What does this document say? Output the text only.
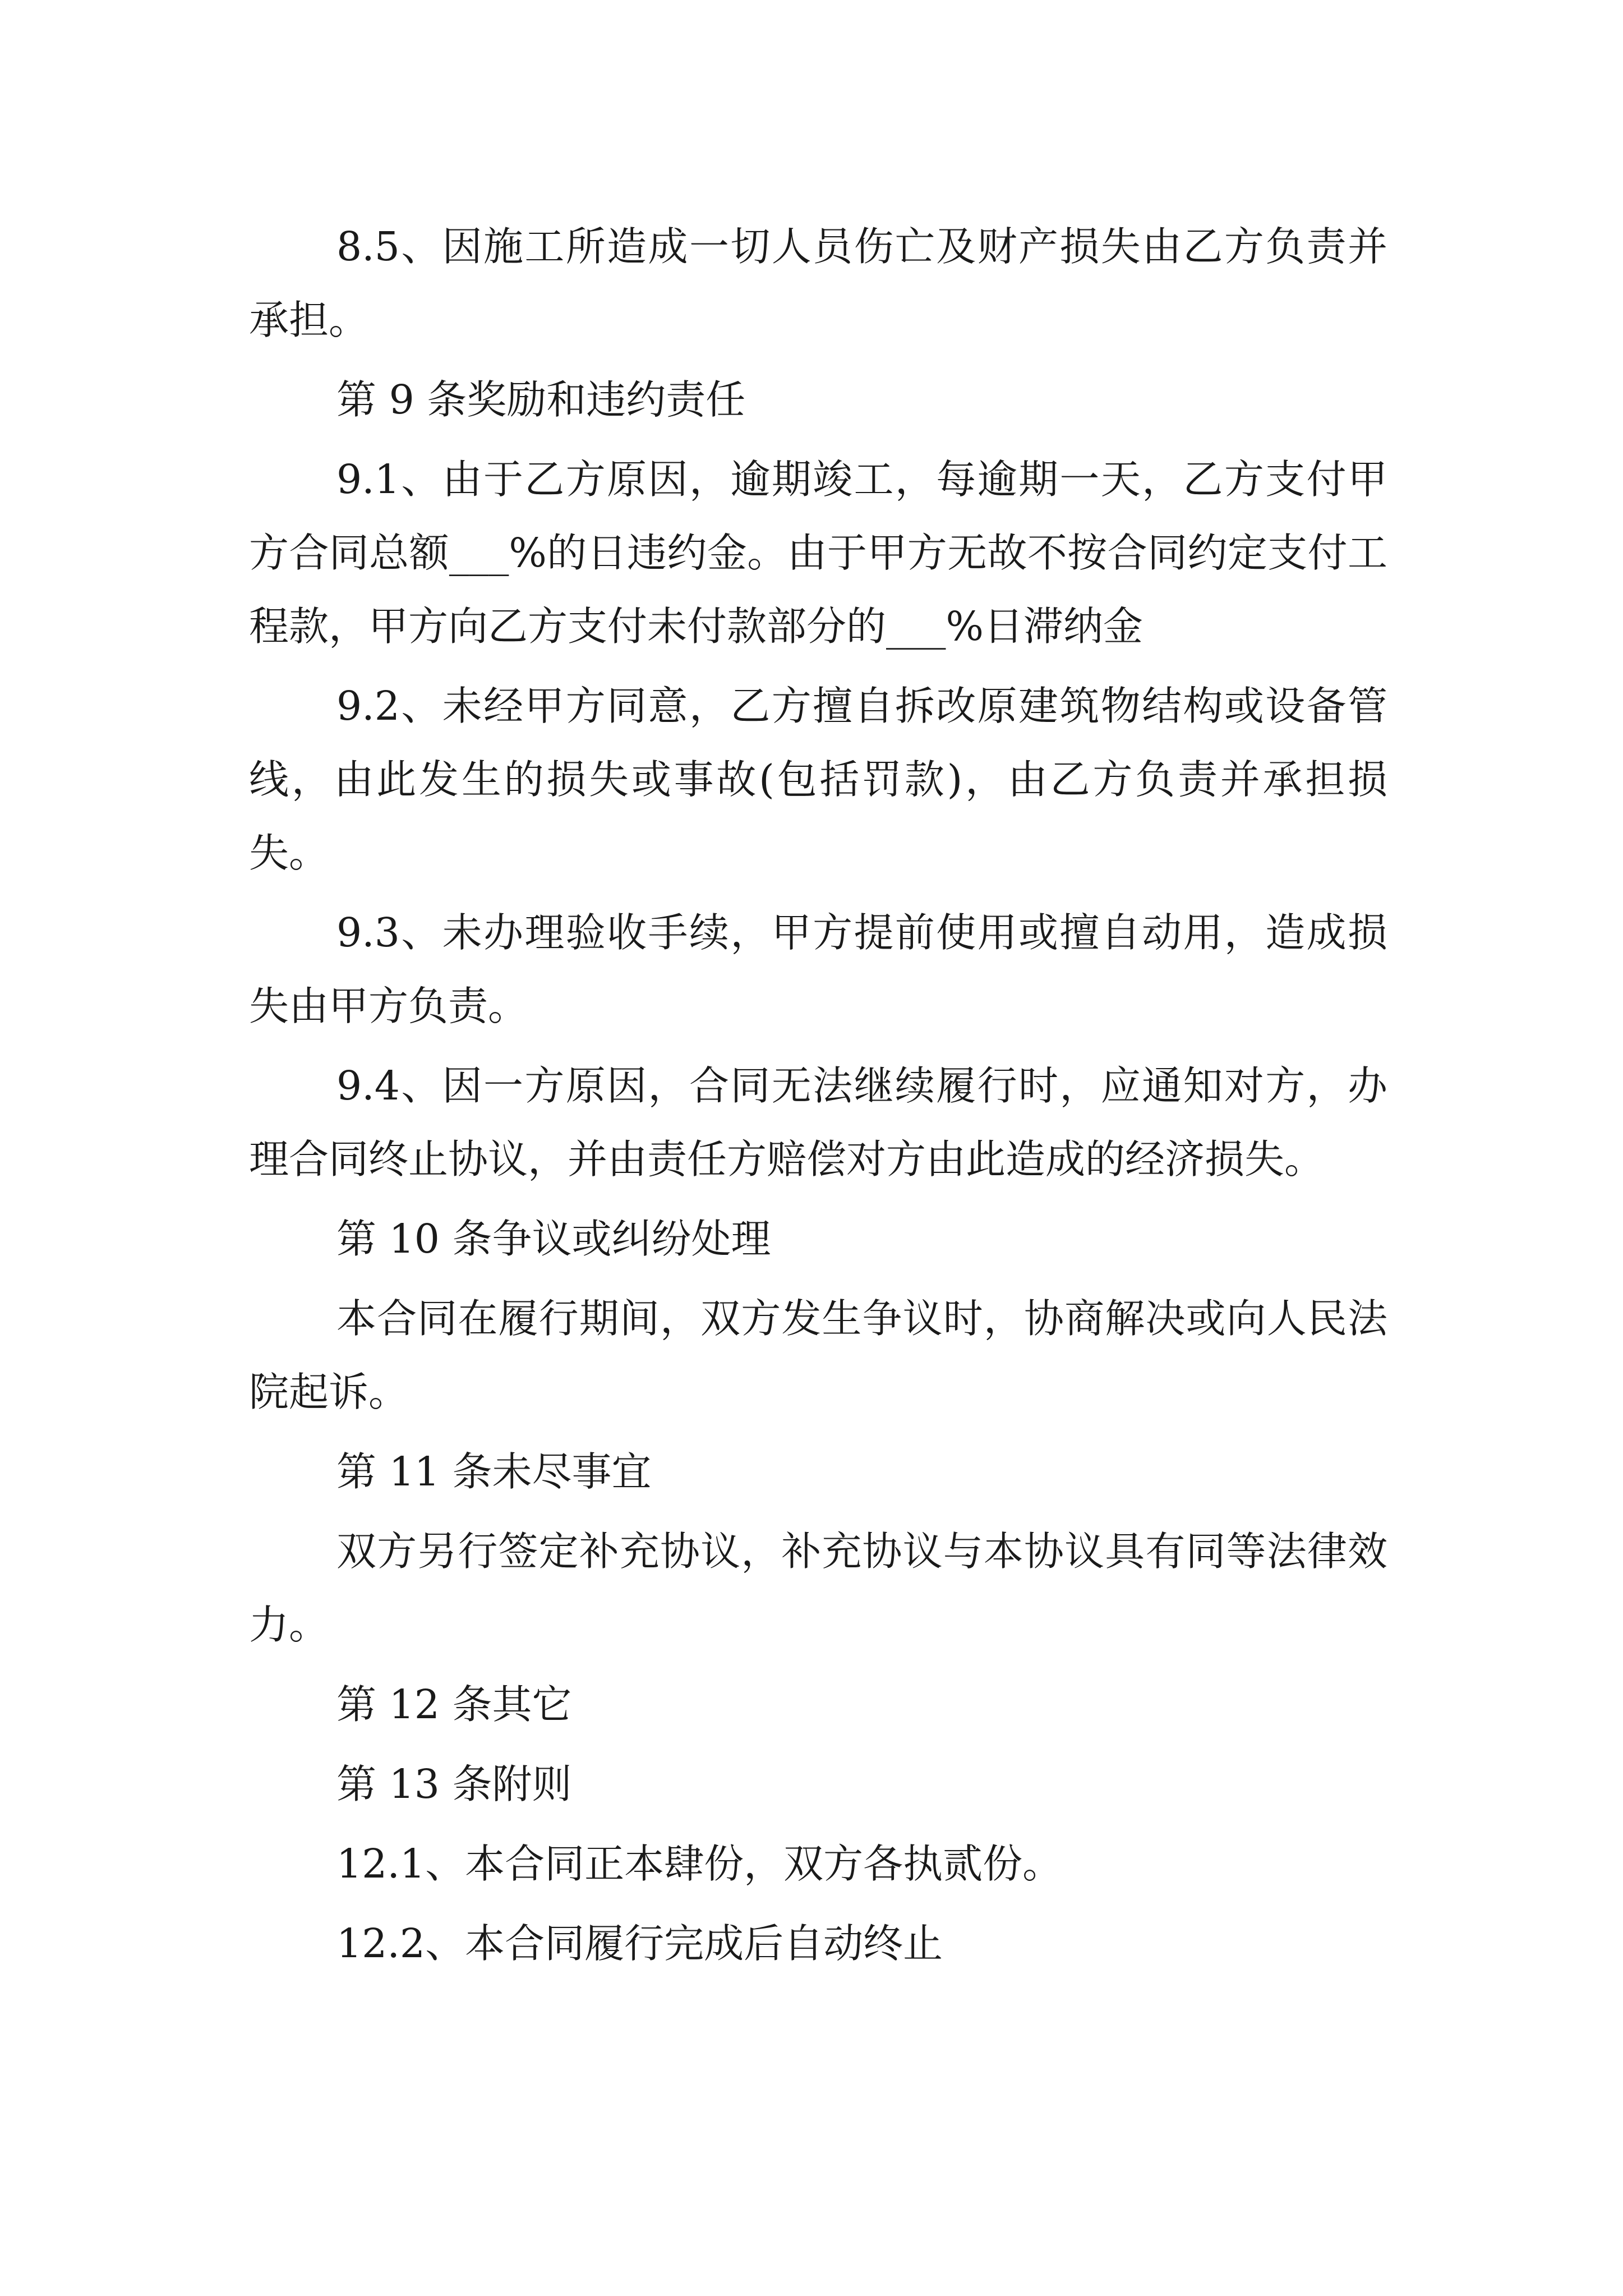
8.5、因施工所造成一切人员伤亡及财产损失由乙方负责并承担。

第 9 条奖励和违约责任

9.1、由于乙方原因，逾期竣工，每逾期一天，乙方支付甲方合同总额___%的日违约金。由于甲方无故不按合同约定支付工程款，甲方向乙方支付未付款部分的___%日滞纳金

9.2、未经甲方同意，乙方擅自拆改原建筑物结构或设备管线，由此发生的损失或事故(包括罚款)，由乙方负责并承担损失。

9.3、未办理验收手续，甲方提前使用或擅自动用，造成损失由甲方负责。

9.4、因一方原因，合同无法继续履行时，应通知对方，办理合同终止协议，并由责任方赔偿对方由此造成的经济损失。

第 10 条争议或纠纷处理

本合同在履行期间，双方发生争议时，协商解决或向人民法院起诉。

第 11 条未尽事宜

双方另行签定补充协议，补充协议与本协议具有同等法律效力。

第 12 条其它

第 13 条附则

12.1、本合同正本肆份，双方各执贰份。

12.2、本合同履行完成后自动终止
